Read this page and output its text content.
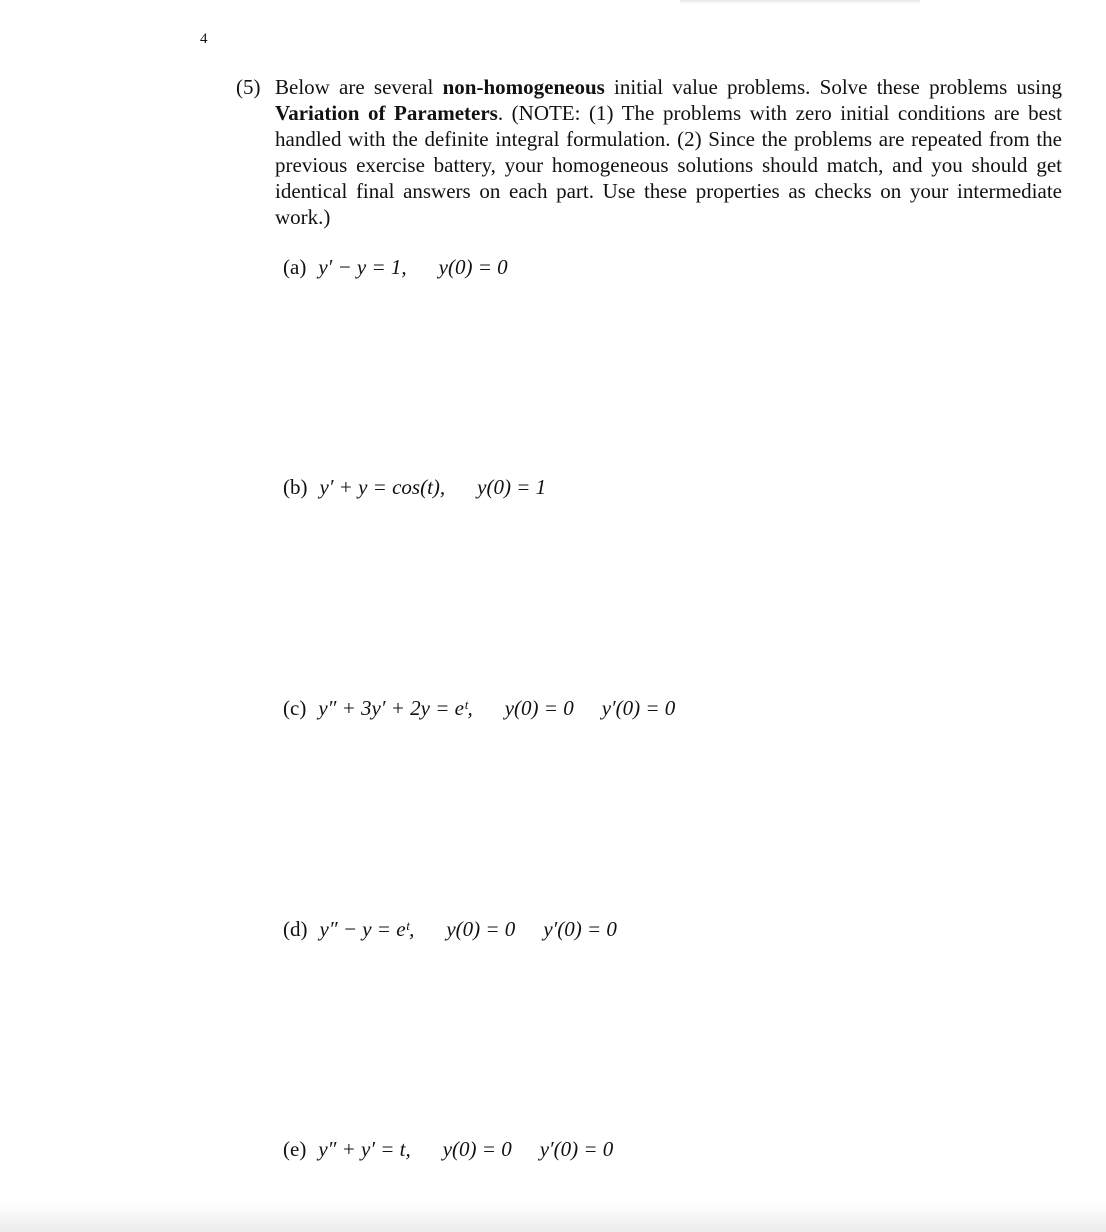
4
(5) Below are several non-homogeneous initial value problems. Solve these problems using Variation of Parameters. (NOTE: (1) The problems with zero initial conditions are best handled with the definite integral formulation. (2) Since the problems are repeated from the previous exercise battery, your homogeneous solutions should match, and you should get identical final answers on each part. Use these properties as checks on your intermediate work.)
(a) y′ − y = 1, y(0) = 0
(b) y′ + y = cos(t), y(0) = 1
(c) y″ + 3y′ + 2y = eᵗ, y(0) = 0 y′(0) = 0
(d) y″ − y = eᵗ, y(0) = 0 y′(0) = 0
(e) y″ + y′ = t, y(0) = 0 y′(0) = 0
